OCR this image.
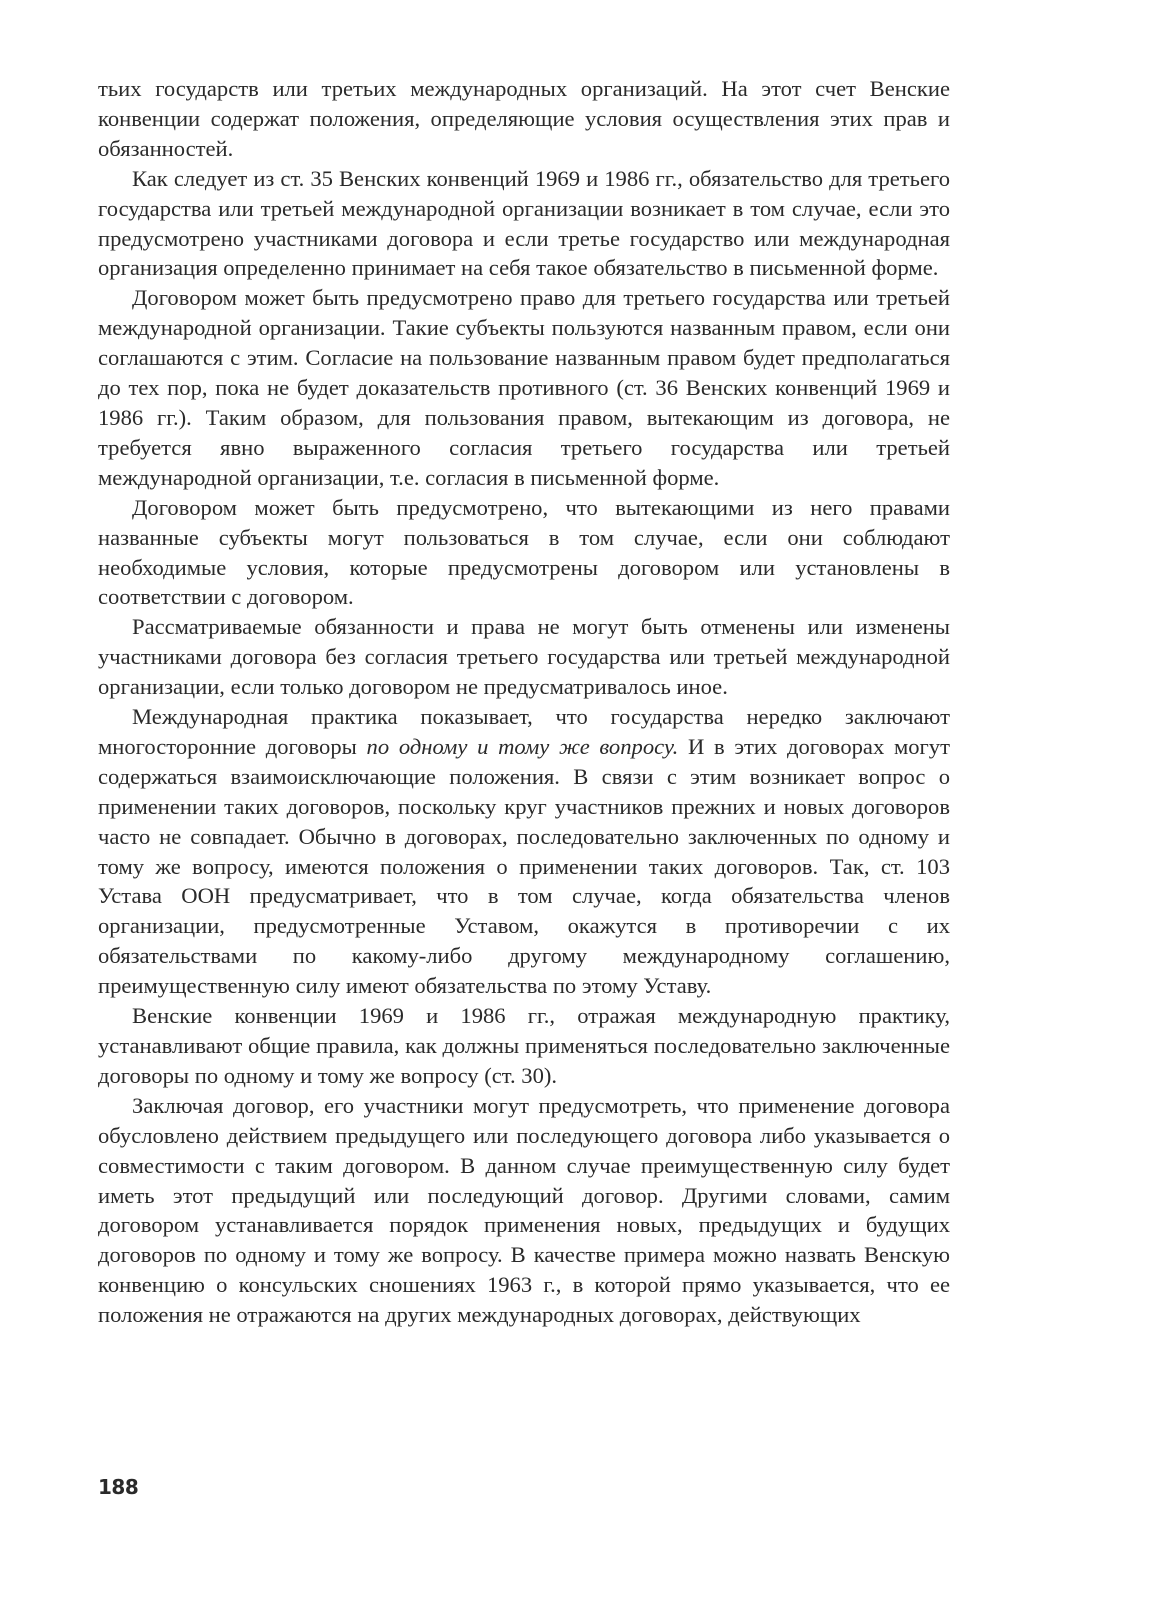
тьих государств или третьих международных организаций. На этот счет Венские конвенции содержат положения, определяющие условия осуществления этих прав и обязанностей.

Как следует из ст. 35 Венских конвенций 1969 и 1986 гг., обязательство для третьего государства или третьей международной организации возникает в том случае, если это предусмотрено участниками договора и если третье государство или международная организация определенно принимает на себя такое обязательство в письменной форме.

Договором может быть предусмотрено право для третьего государства или третьей международной организации. Такие субъекты пользуются названным правом, если они соглашаются с этим. Согласие на пользование названным правом будет предполагаться до тех пор, пока не будет доказательств противного (ст. 36 Венских конвенций 1969 и 1986 гг.). Таким образом, для пользования правом, вытекающим из договора, не требуется явно выраженного согласия третьего государства или третьей международной организации, т.е. согласия в письменной форме.

Договором может быть предусмотрено, что вытекающими из него правами названные субъекты могут пользоваться в том случае, если они соблюдают необходимые условия, которые предусмотрены договором или установлены в соответствии с договором.

Рассматриваемые обязанности и права не могут быть отменены или изменены участниками договора без согласия третьего государства или третьей международной организации, если только договором не предусматривалось иное.

Международная практика показывает, что государства нередко заключают многосторонние договоры по одному и тому же вопросу. И в этих договорах могут содержаться взаимоисключающие положения. В связи с этим возникает вопрос о применении таких договоров, поскольку круг участников прежних и новых договоров часто не совпадает. Обычно в договорах, последовательно заключенных по одному и тому же вопросу, имеются положения о применении таких договоров. Так, ст. 103 Устава ООН предусматривает, что в том случае, когда обязательства членов организации, предусмотренные Уставом, окажутся в противоречии с их обязательствами по какому-либо другому международному соглашению, преимущественную силу имеют обязательства по этому Уставу.

Венские конвенции 1969 и 1986 гг., отражая международную практику, устанавливают общие правила, как должны применяться последовательно заключенные договоры по одному и тому же вопросу (ст. 30).

Заключая договор, его участники могут предусмотреть, что применение договора обусловлено действием предыдущего или последующего договора либо указывается о совместимости с таким договором. В данном случае преимущественную силу будет иметь этот предыдущий или последующий договор. Другими словами, самим договором устанавливается порядок применения новых, предыдущих и будущих договоров по одному и тому же вопросу. В качестве примера можно назвать Венскую конвенцию о консульских сношениях 1963 г., в которой прямо указывается, что ее положения не отражаются на других международных договорах, действующих

188
